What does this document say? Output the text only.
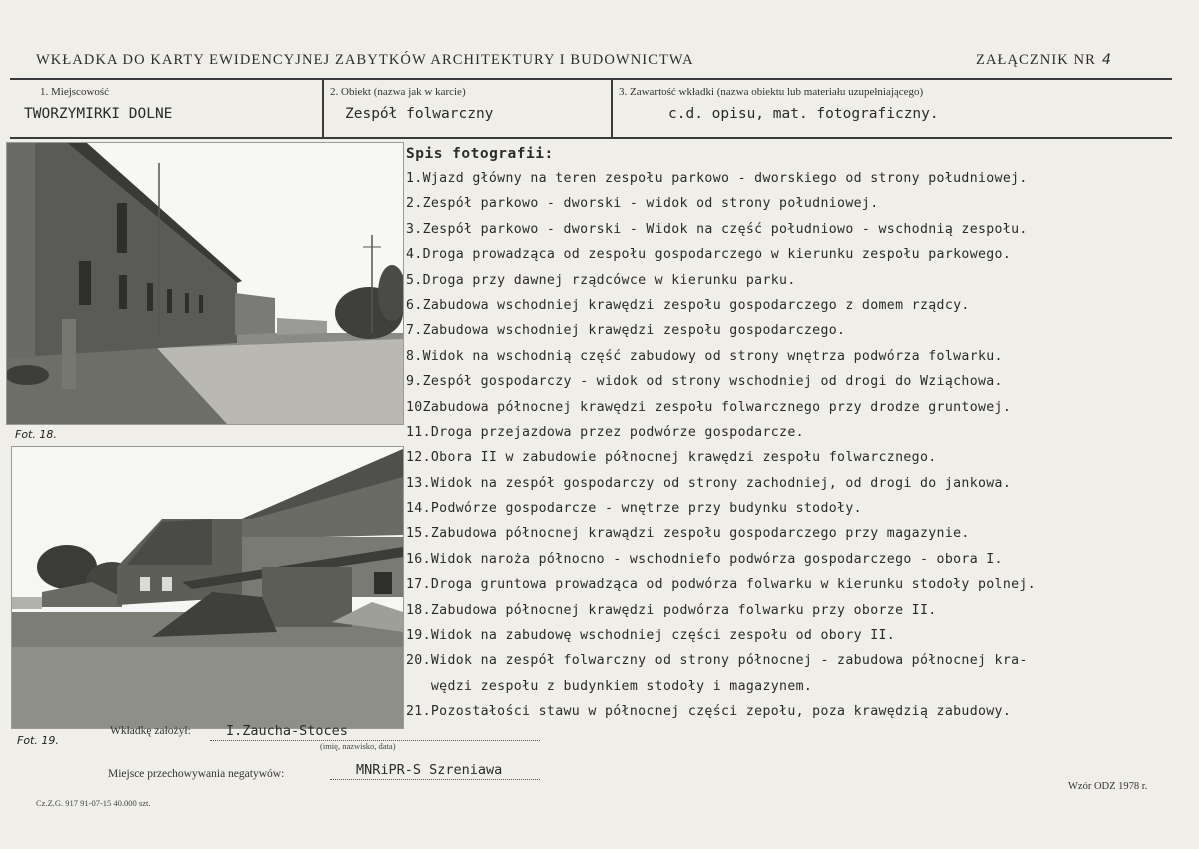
WKŁADKA DO KARTY EWIDENCYJNEJ ZABYTKÓW ARCHITEKTURY I BUDOWNICTWA	ZAŁĄCZNIK NR 4
1. Miejscowość
TWORZYMIRKI DOLNE
2. Obiekt (nazwa jak w karcie)
Zespół folwarczny
3. Zawartość wkładki (nazwa obiektu lub materiału uzupełniającego)
c.d. opisu, mat. fotograficzny.
Fot. 18.
Fot. 19.
Spis fotografii:
1.Wjazd główny na teren zespołu parkowo - dworskiego od strony południowej.
2.Zespół parkowo - dworski - widok od strony południowej.
3.Zespół parkowo - dworski - Widok na część południowo - wschodnią zespołu.
4.Droga prowadząca od zespołu gospodarczego w kierunku zespołu parkowego.
5.Droga przy dawnej rządcówce w kierunku parku.
6.Zabudowa wschodniej krawędzi zespołu gospodarczego z domem rządcy.
7.Zabudowa wschodniej krawędzi zespołu gospodarczego.
8.Widok na wschodnią część zabudowy od strony wnętrza podwórza folwarku.
9.Zespół gospodarczy - widok od strony wschodniej od drogi do Wziąchowa.
10Zabudowa północnej krawędzi zespołu folwarcznego przy drodze gruntowej.
11.Droga przejazdowa przez podwórze gospodarcze.
12.Obora II w zabudowie północnej krawędzi zespołu folwarcznego.
13.Widok na zespół gospodarczy od strony zachodniej, od drogi do jankowa.
14.Podwórze gospodarcze - wnętrze przy budynku stodoły.
15.Zabudowa północnej krawądzi zespołu gospodarczego przy magazynie.
16.Widok naroża północno - wschodniefo podwórza gospodarczego - obora I.
17.Droga gruntowa prowadząca od podwórza folwarku w kierunku stodoły polnej.
18.Zabudowa północnej krawędzi podwórza folwarku przy oborze II.
19.Widok na zabudowę wschodniej części zespołu od obory II.
20.Widok na zespół folwarczny od strony północnej - zabudowa północnej kra-
wędzi zespołu z budynkiem stodoły i magazynem.
21.Pozostałości stawu w północnej części zepołu, poza krawędzią zabudowy.
Wkładkę założył:	I.Zaucha-Stoces
(imię, nazwisko, data)
Miejsce przechowywania negatywów:	MNRiPR-S Szreniawa
Cz.Z.G. 917 91-07-15 40.000 szt.
Wzór ODZ 1978 r.
